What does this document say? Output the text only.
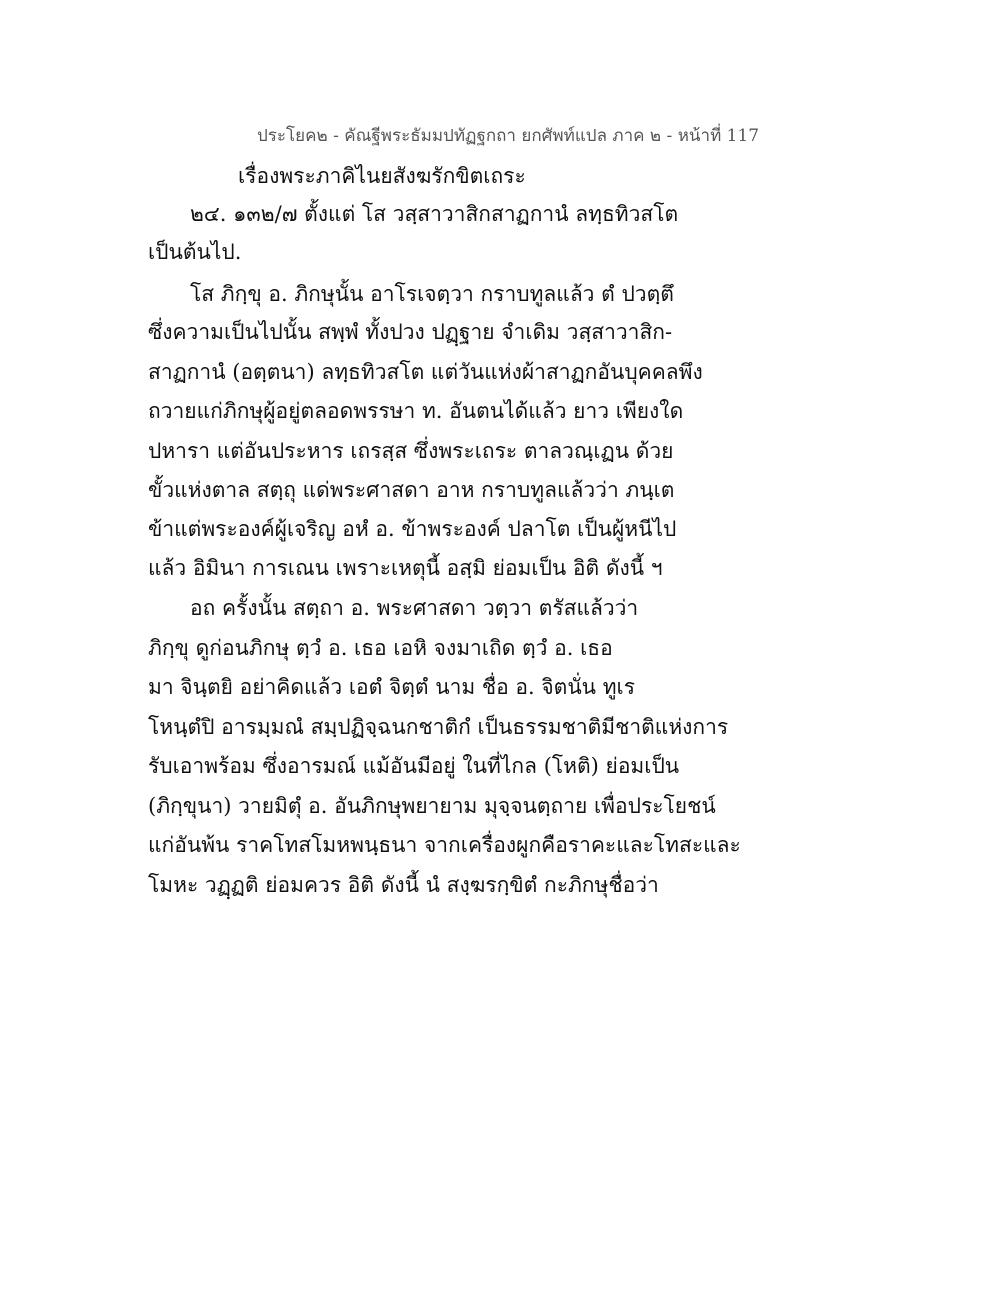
ประโยค๒ - คัณฐีพระธัมมปทัฏฐกถา ยกศัพท์แปล ภาค ๒ - หน้าที่ 117
เรื่องพระภาคิไนยสังฆรักขิตเถระ
๒๔. ๑๓๒/๗ ตั้งแต่ โส วสฺสาวาสิกสาฏกานํ ลทฺธทิวสโต
เป็นต้นไป.
โส ภิกฺขุ อ. ภิกษุนั้น อาโรเจตฺวา กราบทูลแล้ว ตํ ปวตฺตึ
ซึ่งความเป็นไปนั้น สพฺพํ ทั้งปวง ปฏฺฐาย จำเดิม วสฺสาวาสิก-
สาฏกานํ (อตฺตนา) ลทฺธทิวสโต แต่วันแห่งผ้าสาฏกอันบุคคลพึง
ถวายแก่ภิกษุผู้อยู่ตลอดพรรษา ท. อันตนได้แล้ว ยาว เพียงใด
ปหารา แต่อันประหาร เถรสฺส ซึ่งพระเถระ ตาลวณฺเฏน ด้วย
ขั้วแห่งตาล สตฺถุ แด่พระศาสดา อาห กราบทูลแล้วว่า ภนฺเต
ข้าแต่พระองค์ผู้เจริญ อหํ อ. ข้าพระองค์ ปลาโต เป็นผู้หนีไป
แล้ว อิมินา การเณน เพราะเหตุนี้ อสฺมิ ย่อมเป็น อิติ ดังนี้ ฯ
อถ ครั้งนั้น สตฺถา อ. พระศาสดา วตฺวา ตรัสแล้วว่า
ภิกฺขุ ดูก่อนภิกษุ ตฺวํ อ. เธอ เอหิ จงมาเถิด ตฺวํ อ. เธอ
มา จินฺตยิ อย่าคิดแล้ว เอตํ จิตฺตํ นาม ชื่อ อ. จิตนั่น ทูเร
โหนฺตํปิ อารมฺมณํ สมฺปฏิจฺฉนกชาติกํ เป็นธรรมชาติมีชาติแห่งการ
รับเอาพร้อม ซึ่งอารมณ์ แม้อันมีอยู่ ในที่ไกล (โหติ) ย่อมเป็น
(ภิกฺขุนา) วายมิตุํ อ. อันภิกษุพยายาม มุจฺจนตฺถาย เพื่อประโยชน์
แก่อันพ้น ราคโทสโมหพนฺธนา จากเครื่องผูกคือราคะและโทสะและ
โมหะ วฏฺฏติ ย่อมควร อิติ ดังนี้ นํ สงฺฆรกฺขิตํ กะภิกษุชื่อว่า
